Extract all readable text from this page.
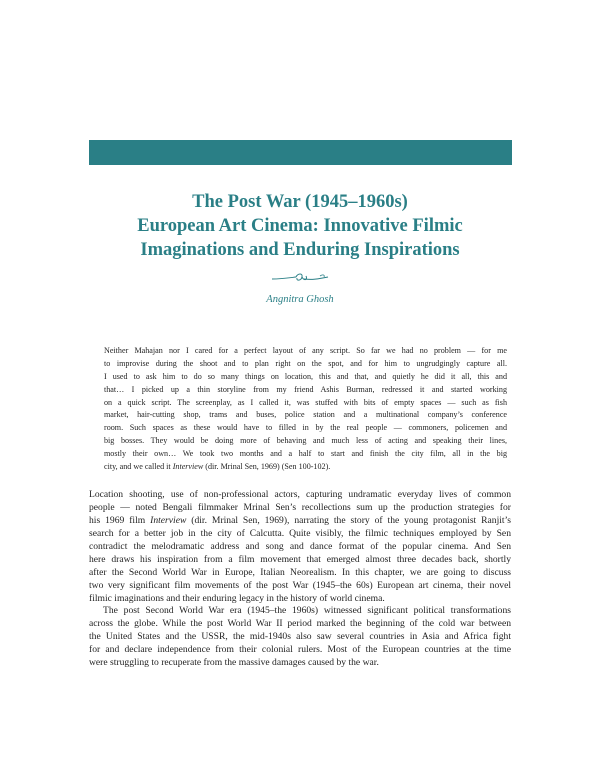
The Post War (1945–1960s)
European Art Cinema: Innovative Filmic
Imaginations and Enduring Inspirations
Angnitra Ghosh
Neither Mahajan nor I cared for a perfect layout of any script. So far we had no problem — for me
to improvise during the shoot and to plan right on the spot, and for him to ungrudgingly capture all.
I used to ask him to do so many things on location, this and that, and quietly he did it all, this and
that… I picked up a thin storyline from my friend Ashis Burman, redressed it and started working
on a quick script. The screenplay, as I called it, was stuffed with bits of empty spaces — such as fish
market, hair-cutting shop, trams and buses, police station and a multinational company’s conference
room. Such spaces as these would have to filled in by the real people — commoners, policemen and
big bosses. They would be doing more of behaving and much less of acting and speaking their lines,
mostly their own… We took two months and a half to start and finish the city film, all in the big
city, and we called it Interview (dir. Mrinal Sen, 1969) (Sen 100-102).
Location shooting, use of non-professional actors, capturing undramatic everyday lives of common
people — noted Bengali filmmaker Mrinal Sen’s recollections sum up the production strategies for
his 1969 film Interview (dir. Mrinal Sen, 1969), narrating the story of the young protagonist Ranjit’s
search for a better job in the city of Calcutta. Quite visibly, the filmic techniques employed by Sen
contradict the melodramatic address and song and dance format of the popular cinema. And Sen
here draws his inspiration from a film movement that emerged almost three decades back, shortly
after the Second World War in Europe, Italian Neorealism. In this chapter, we are going to discuss
two very significant film movements of the post War (1945–the 60s) European art cinema, their novel
filmic imaginations and their enduring legacy in the history of world cinema.
The post Second World War era (1945–the 1960s) witnessed significant political transformations
across the globe. While the post World War II period marked the beginning of the cold war between
the United States and the USSR, the mid-1940s also saw several countries in Asia and Africa fight
for and declare independence from their colonial rulers. Most of the European countries at the time
were struggling to recuperate from the massive damages caused by the war.
